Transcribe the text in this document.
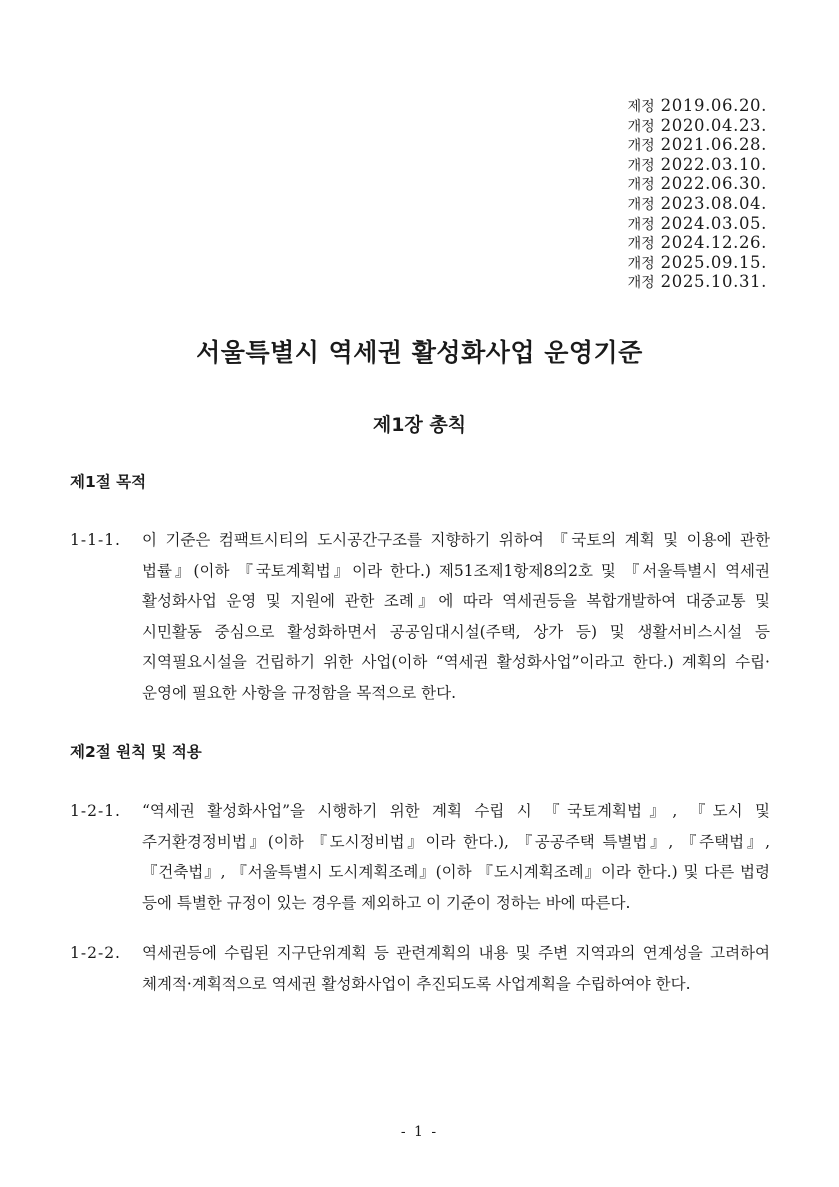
제정 2019.06.20.
개정 2020.04.23.
개정 2021.06.28.
개정 2022.03.10.
개정 2022.06.30.
개정 2023.08.04.
개정 2024.03.05.
개정 2024.12.26.
개정 2025.09.15.
개정 2025.10.31.
서울특별시 역세권 활성화사업 운영기준
제1장 총칙
제1절 목적
1-1-1. 이 기준은 컴팩트시티의 도시공간구조를 지향하기 위하여 『국토의 계획 및 이용에 관한 법률』(이하 『국토계획법』이라 한다.) 제51조제1항제8의2호 및 『서울특별시 역세권 활성화사업 운영 및 지원에 관한 조례』에 따라 역세권등을 복합개발하여 대중교통 및 시민활동 중심으로 활성화하면서 공공임대시설(주택, 상가 등) 및 생활서비스시설 등 지역필요시설을 건립하기 위한 사업(이하 “역세권 활성화사업”이라고 한다.) 계획의 수립·운영에 필요한 사항을 규정함을 목적으로 한다.
제2절 원칙 및 적용
1-2-1. “역세권 활성화사업”을 시행하기 위한 계획 수립 시 『국토계획법』, 『도시 및 주거환경정비법』(이하 『도시정비법』이라 한다.), 『공공주택 특별법』, 『주택법』, 『건축법』, 『서울특별시 도시계획조례』(이하 『도시계획조례』이라 한다.) 및 다른 법령 등에 특별한 규정이 있는 경우를 제외하고 이 기준이 정하는 바에 따른다.
1-2-2. 역세권등에 수립된 지구단위계획 등 관련계획의 내용 및 주변 지역과의 연계성을 고려하여 체계적·계획적으로 역세권 활성화사업이 추진되도록 사업계획을 수립하여야 한다.
- 1 -
